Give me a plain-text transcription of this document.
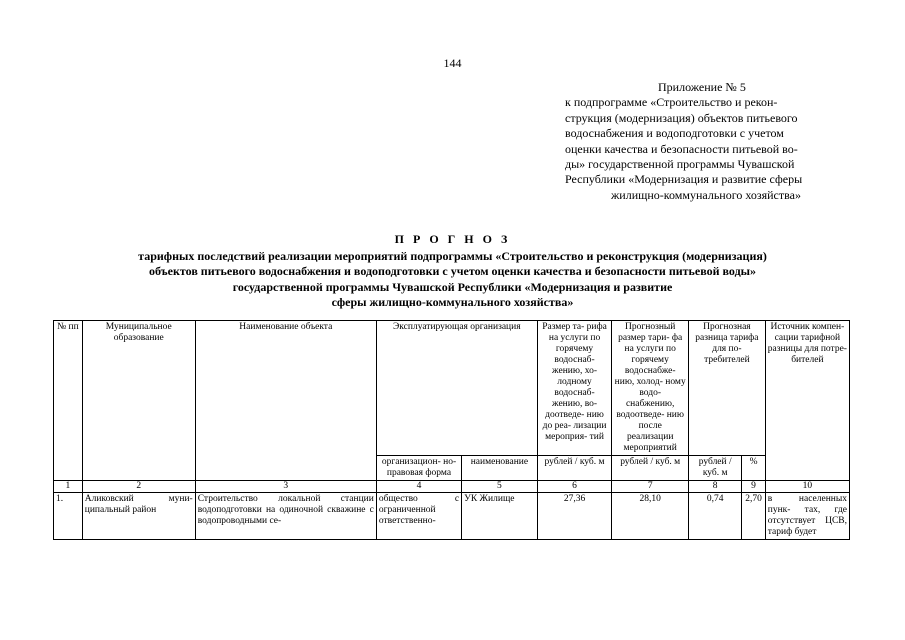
144
Приложение № 5
к подпрограмме «Строительство и рекон-
струкция (модернизация) объектов питьевого
водоснабжения и водоподготовки с учетом
оценки качества и безопасности питьевой во-
ды» государственной программы Чувашской
Республики «Модернизация и развитие сферы
жилищно-коммунального хозяйства»
П Р О Г Н О З
тарифных последствий реализации мероприятий подпрограммы «Строительство и реконструкция (модернизация)
объектов питьевого водоснабжения и водоподготовки с учетом оценки качества и безопасности питьевой воды»
государственной программы Чувашской Республики «Модернизация и развитие
сферы жилищно-коммунального хозяйства»
№ пп	Муниципальное образование	Наименование объекта	Эксплуатирующая организация		Размер та- рифа на услуги по горячему водоснаб- жению, хо- лодному водоснаб- жению, во- доотведе- нию до реа- лизации мероприя- тий	Прогнозный размер тари- фа на услуги по горячему водоснабже- нию, холод- ному водо- снабжению, водоотведе- нию после реализации мероприятий	Прогнозная разница тарифа для по- требителей		Источник компен- сации тарифной разницы для потре- бителей
			организацион- но-правовая форма	наименование	рублей / куб. м	рублей / куб. м	рублей / куб. м	%	
1	2	3	4	5	6	7	8	9	10
1.	Аликовский муни- ципальный район	Строительство локальной станции водоподготовки на одиночной скважине с водопроводными се-	общество с ограниченной ответственно-	УК Жилище	27,36	28,10	0,74	2,70	в населенных пунк- тах, где отсутствует ЦСВ, тариф будет
